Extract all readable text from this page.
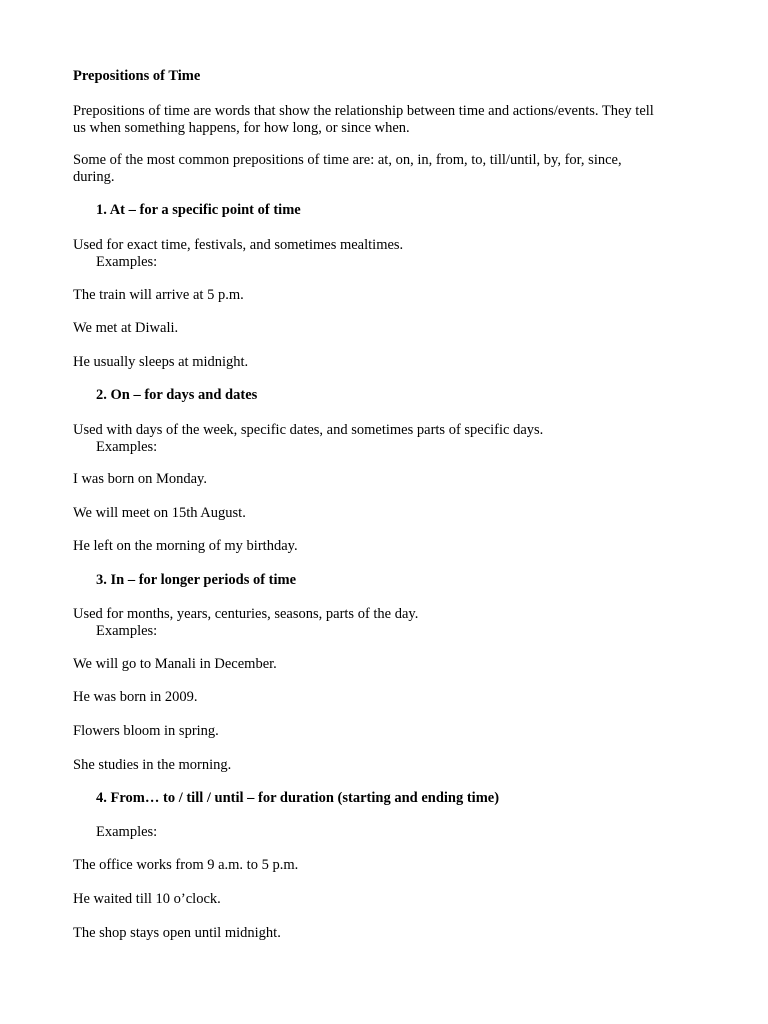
Prepositions of Time

Prepositions of time are words that show the relationship between time and actions/events. They tell
us when something happens, for how long, or since when.

Some of the most common prepositions of time are: at, on, in, from, to, till/until, by, for, since,
during.

1. At – for a specific point of time

Used for exact time, festivals, and sometimes mealtimes.
Examples:

The train will arrive at 5 p.m.

We met at Diwali.

He usually sleeps at midnight.

2. On – for days and dates

Used with days of the week, specific dates, and sometimes parts of specific days.
Examples:

I was born on Monday.

We will meet on 15th August.

He left on the morning of my birthday.

3. In – for longer periods of time

Used for months, years, centuries, seasons, parts of the day.
Examples:

We will go to Manali in December.

He was born in 2009.

Flowers bloom in spring.

She studies in the morning.

4. From… to / till / until – for duration (starting and ending time)

Examples:

The office works from 9 a.m. to 5 p.m.

He waited till 10 o’clock.

The shop stays open until midnight.
